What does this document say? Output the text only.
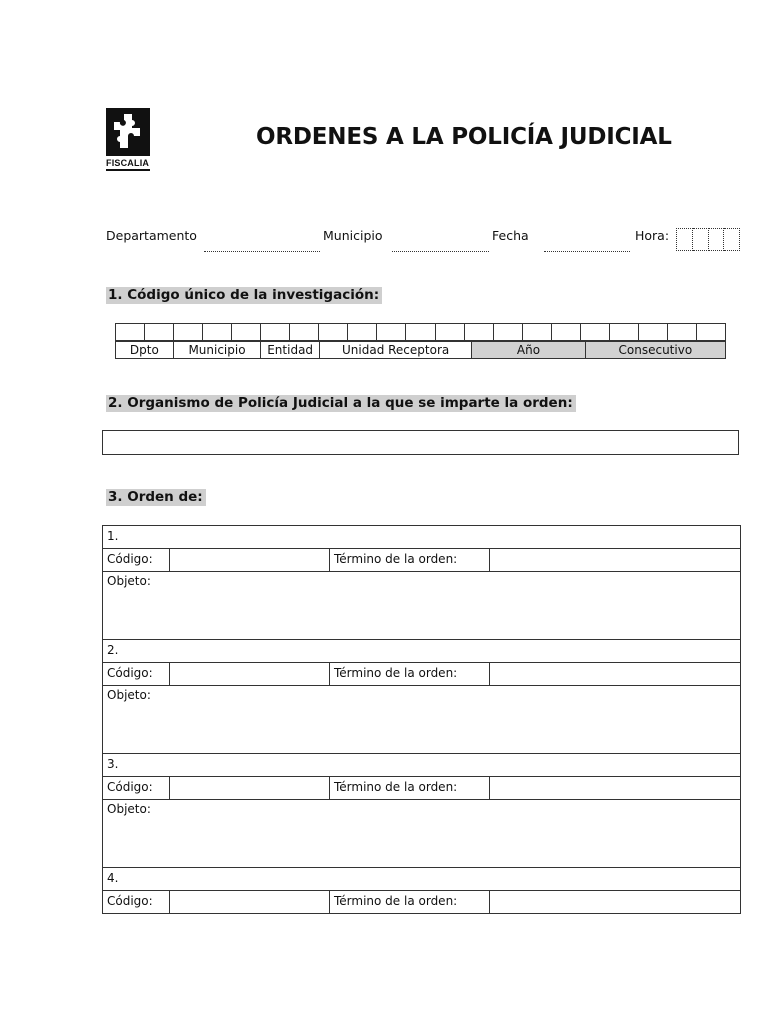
FISCALIA
ORDENES A LA POLICÍA JUDICIAL
Departamento	Municipio	Fecha	Hora:
1. Código único de la investigación:

Dpto	Municipio	Entidad	Unidad Receptora	Año	Consecutivo
2. Organismo de Policía Judicial a la que se imparte la orden:
3. Orden de:
1.
Código:	Término de la orden:
Objeto:
2.
Código:	Término de la orden:
Objeto:
3.
Código:	Término de la orden:
Objeto:
4.
Código:	Término de la orden:
